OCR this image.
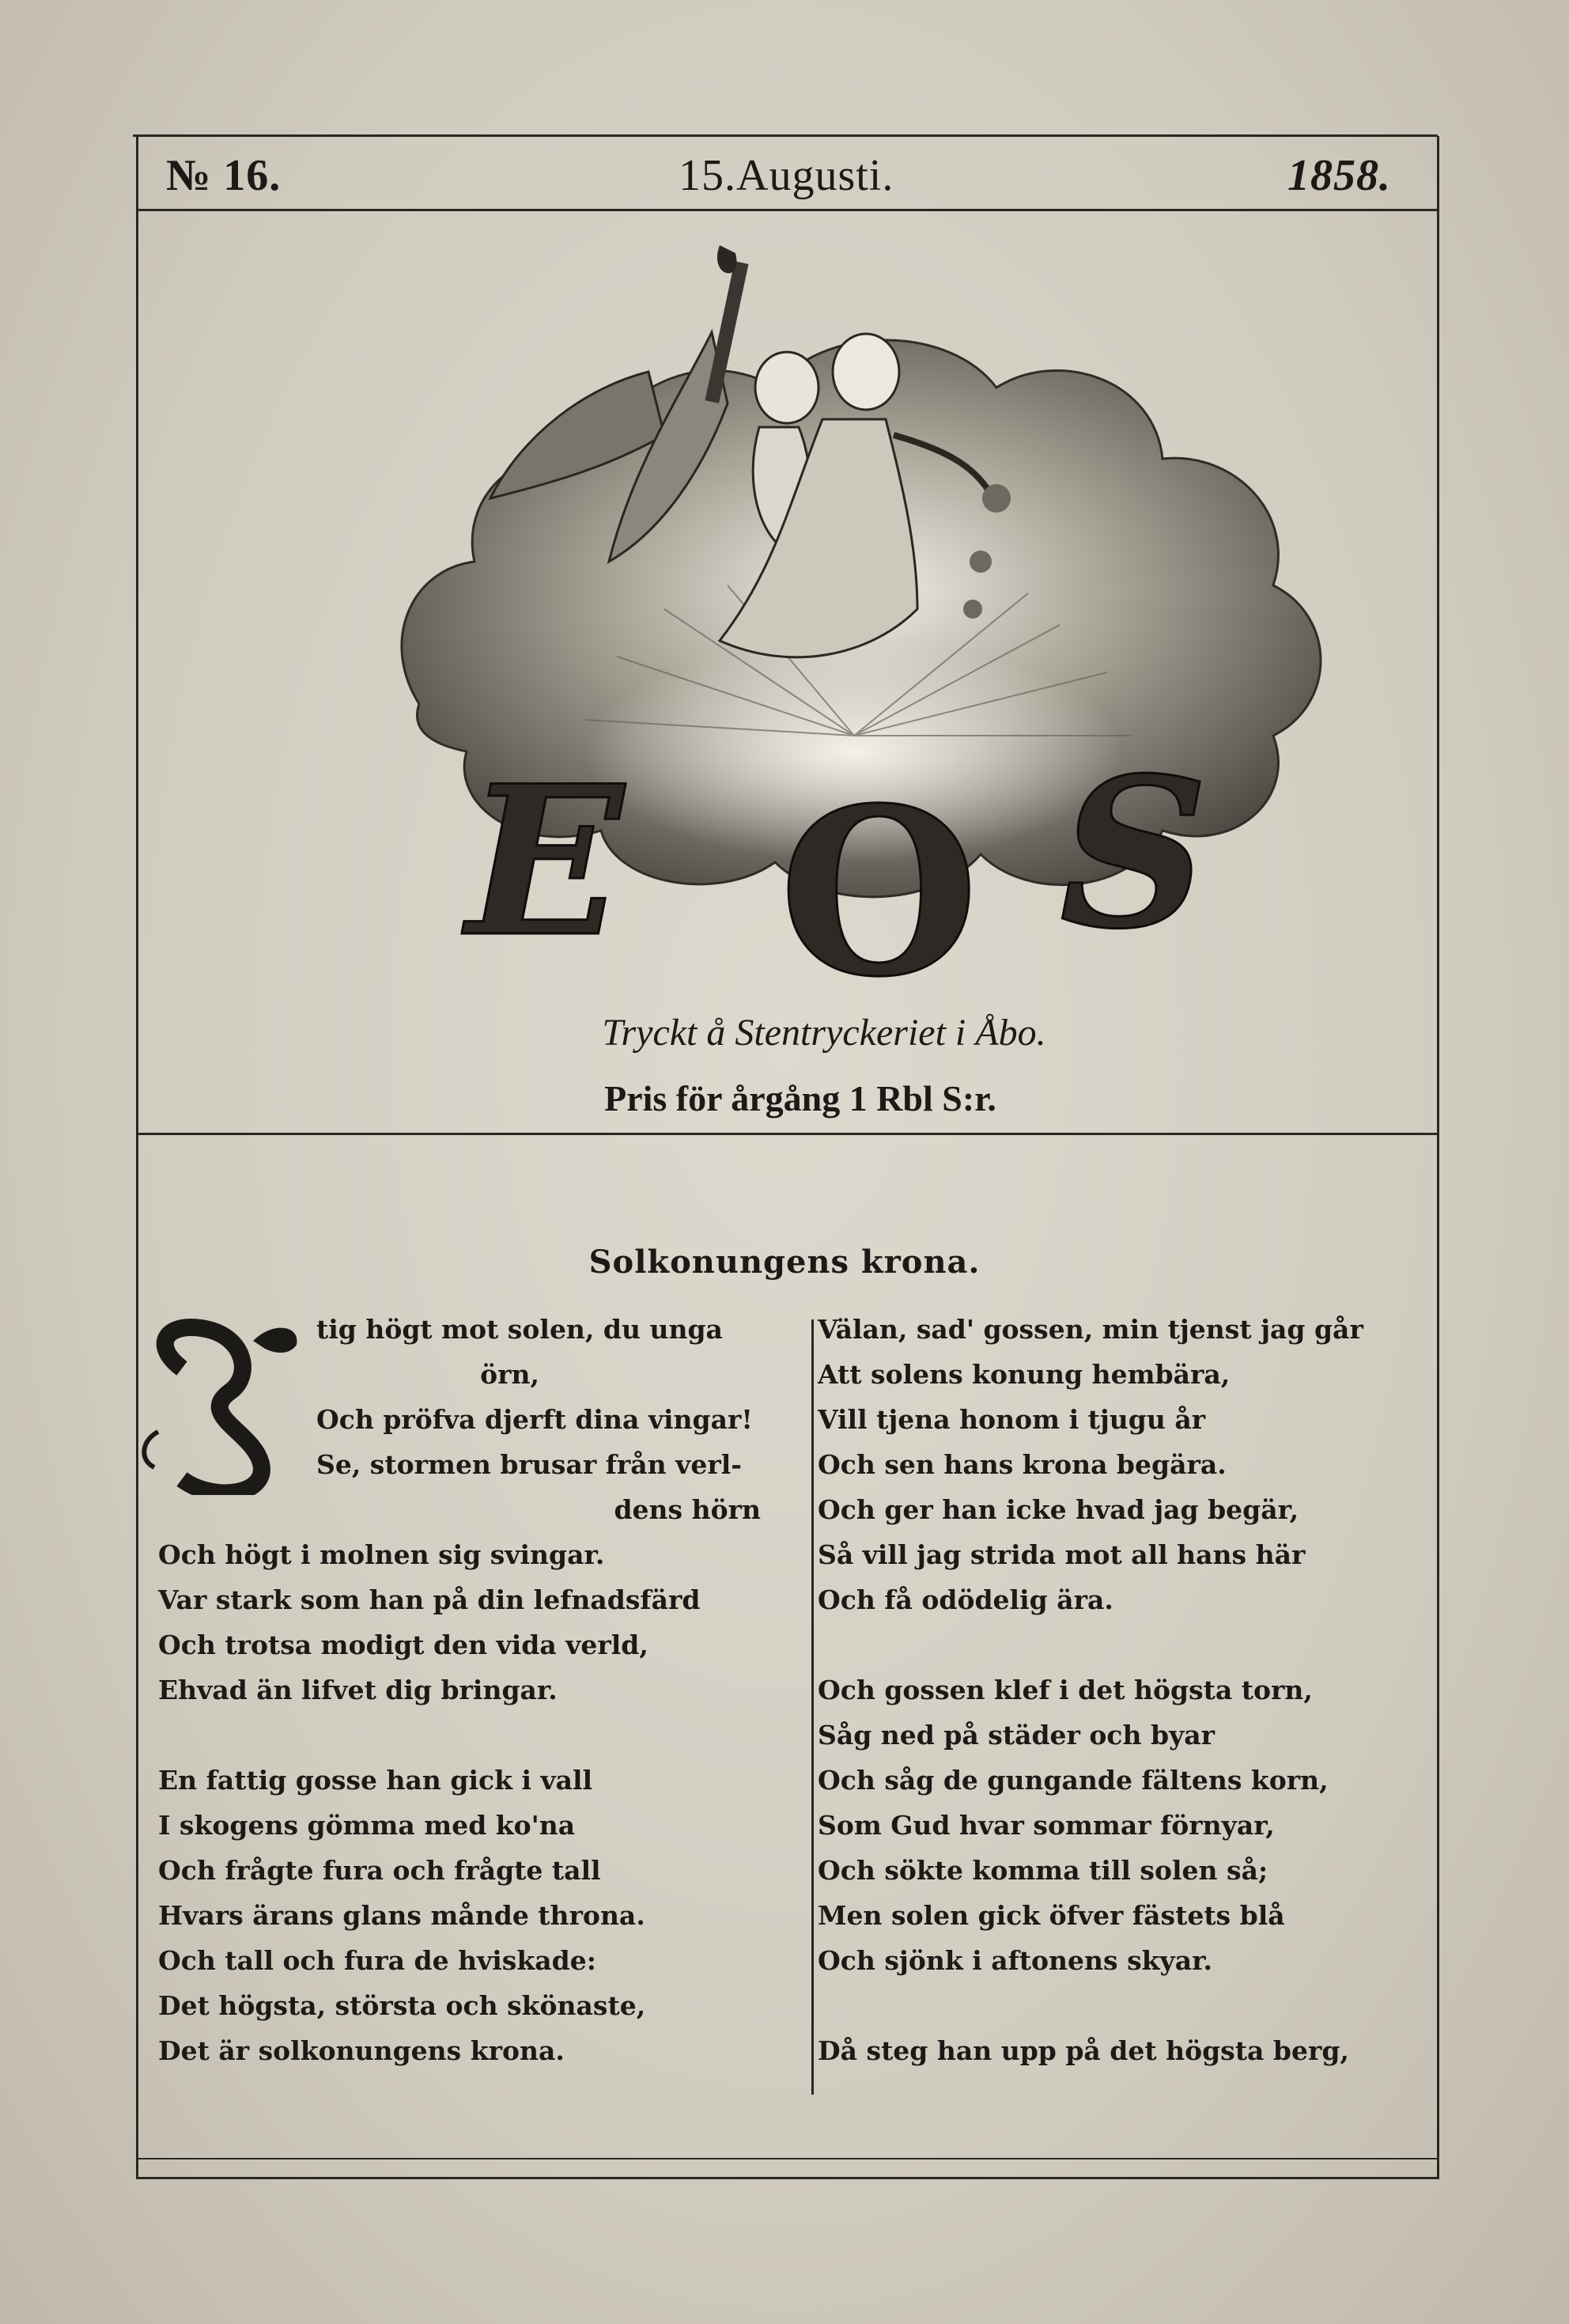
№ 16.	15.Augusti.	1858.
E O S
Tryckt å Stentryckeriet i Åbo.
Pris för årgång 1 Rbl S:r.
Solkonungens krona.
tig högt mot solen, du unga
örn,
Och pröfva djerft dina vingar!
Se, stormen brusar från verl-
dens hörn
Och högt i molnen sig svingar.
Var stark som han på din lefnadsfärd
Och trotsa modigt den vida verld,
Ehvad än lifvet dig bringar.
En fattig gosse han gick i vall
I skogens gömma med ko'na
Och frågte fura och frågte tall
Hvars ärans glans månde throna.
Och tall och fura de hviskade:
Det högsta, största och skönaste,
Det är solkonungens krona.
Välan, sad' gossen, min tjenst jag går
Att solens konung hembära,
Vill tjena honom i tjugu år
Och sen hans krona begära.
Och ger han icke hvad jag begär,
Så vill jag strida mot all hans här
Och få odödelig ära.
Och gossen klef i det högsta torn,
Såg ned på städer och byar
Och såg de gungande fältens korn,
Som Gud hvar sommar förnyar,
Och sökte komma till solen så;
Men solen gick öfver fästets blå
Och sjönk i aftonens skyar.
Då steg han upp på det högsta berg,
